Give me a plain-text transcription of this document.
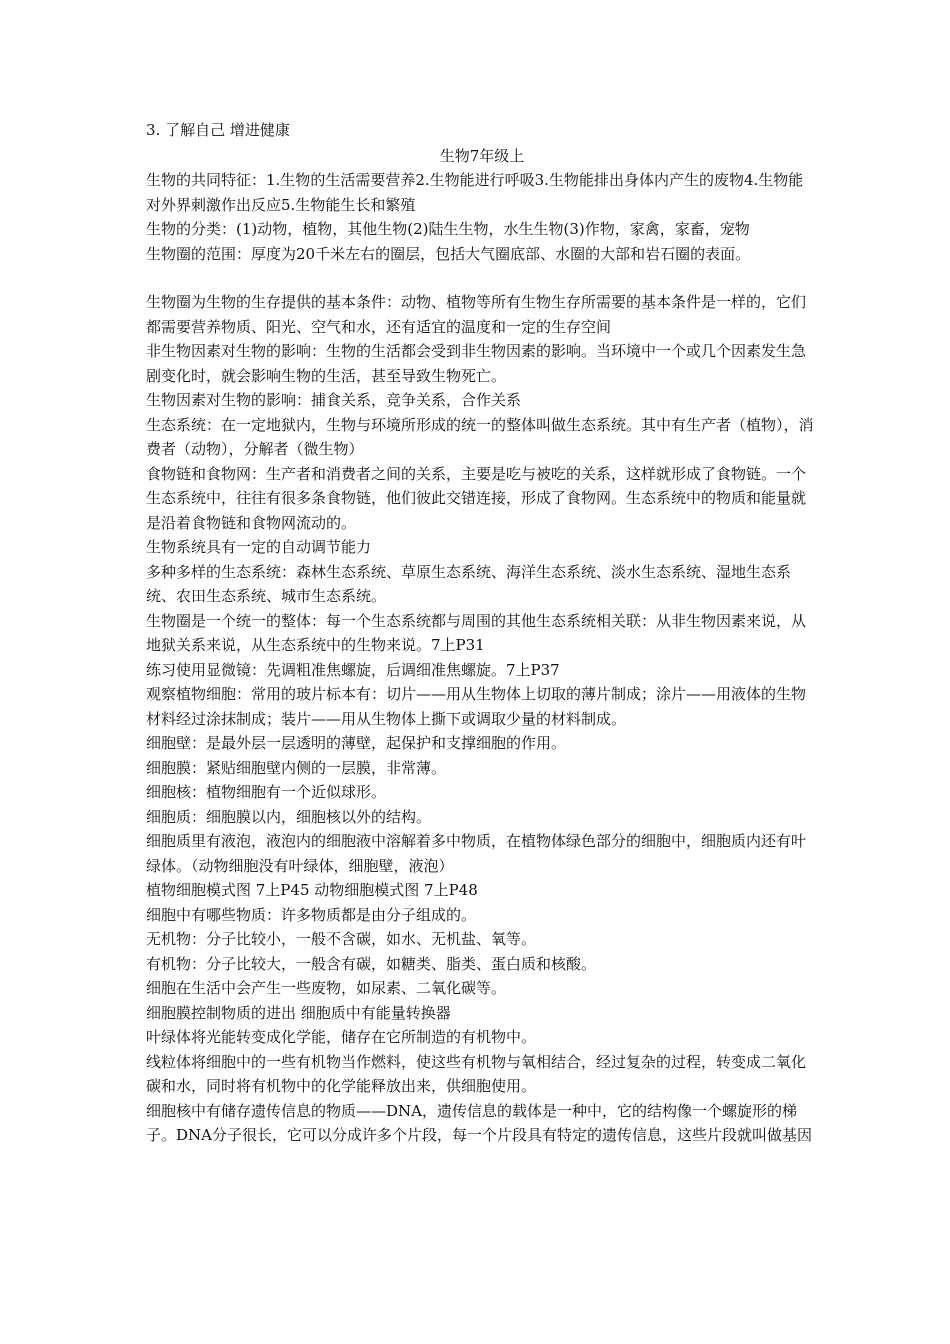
3. 了解自己 增进健康

生物7年级上

生物的共同特征：1.生物的生活需要营养2.生物能进行呼吸3.生物能排出身体内产生的废物4.生物能对外界刺激作出反应5.生物能生长和繁殖

生物的分类：(1)动物，植物，其他生物(2)陆生生物，水生生物(3)作物，家禽，家畜，宠物

生物圈的范围：厚度为20千米左右的圈层，包括大气圈底部、水圈的大部和岩石圈的表面。

生物圈为生物的生存提供的基本条件：动物、植物等所有生物生存所需要的基本条件是一样的，它们都需要营养物质、阳光、空气和水，还有适宜的温度和一定的生存空间

非生物因素对生物的影响：生物的生活都会受到非生物因素的影响。当环境中一个或几个因素发生急剧变化时，就会影响生物的生活，甚至导致生物死亡。

生物因素对生物的影响：捕食关系，竞争关系，合作关系

生态系统：在一定地狱内，生物与环境所形成的统一的整体叫做生态系统。其中有生产者（植物），消费者（动物），分解者（微生物）

食物链和食物网：生产者和消费者之间的关系，主要是吃与被吃的关系，这样就形成了食物链。一个生态系统中，往往有很多条食物链，他们彼此交错连接，形成了食物网。生态系统中的物质和能量就是沿着食物链和食物网流动的。

生物系统具有一定的自动调节能力

多种多样的生态系统：森林生态系统、草原生态系统、海洋生态系统、淡水生态系统、湿地生态系统、农田生态系统、城市生态系统。

生物圈是一个统一的整体：每一个生态系统都与周围的其他生态系统相关联：从非生物因素来说，从地狱关系来说，从生态系统中的生物来说。7上P31

练习使用显微镜：先调粗准焦螺旋，后调细准焦螺旋。7上P37

观察植物细胞：常用的玻片标本有：切片——用从生物体上切取的薄片制成；涂片——用液体的生物材料经过涂抹制成；装片——用从生物体上撕下或调取少量的材料制成。

细胞壁：是最外层一层透明的薄壁，起保护和支撑细胞的作用。

细胞膜：紧贴细胞壁内侧的一层膜，非常薄。

细胞核：植物细胞有一个近似球形。

细胞质：细胞膜以内，细胞核以外的结构。

细胞质里有液泡，液泡内的细胞液中溶解着多中物质，在植物体绿色部分的细胞中，细胞质内还有叶绿体。（动物细胞没有叶绿体，细胞壁，液泡）

植物细胞模式图 7上P45 动物细胞模式图 7上P48

细胞中有哪些物质：许多物质都是由分子组成的。

无机物：分子比较小，一般不含碳，如水、无机盐、氧等。

有机物：分子比较大，一般含有碳，如糖类、脂类、蛋白质和核酸。

细胞在生活中会产生一些废物，如尿素、二氧化碳等。

细胞膜控制物质的进出 细胞质中有能量转换器

叶绿体将光能转变成化学能，储存在它所制造的有机物中。

线粒体将细胞中的一些有机物当作燃料，使这些有机物与氧相结合，经过复杂的过程，转变成二氧化碳和水，同时将有机物中的化学能释放出来，供细胞使用。

细胞核中有储存遗传信息的物质——DNA，遗传信息的载体是一种中，它的结构像一个螺旋形的梯子。DNA分子很长，它可以分成许多个片段，每一个片段具有特定的遗传信息，这些片段就叫做基因
